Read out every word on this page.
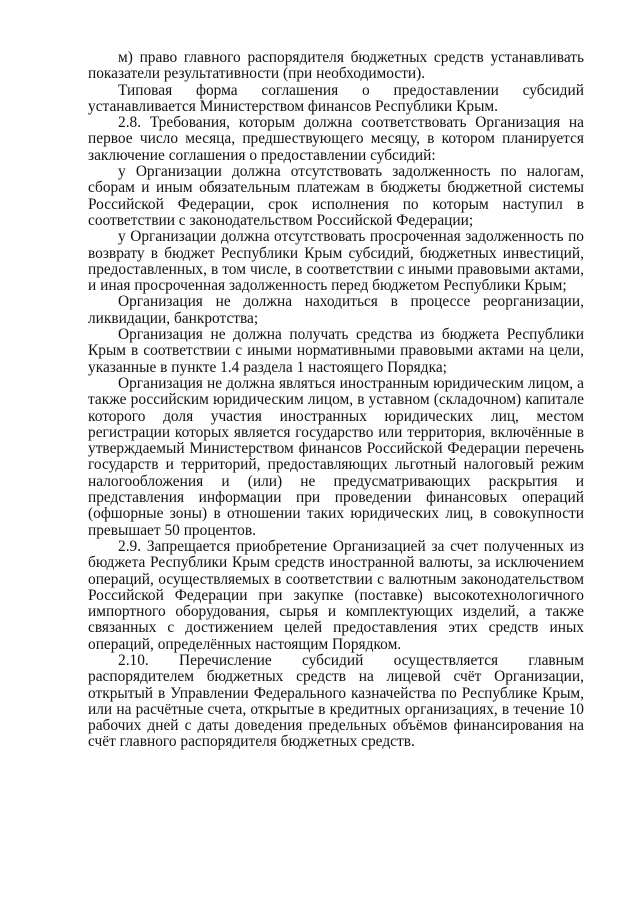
м) право главного распорядителя бюджетных средств устанавливать показатели результативности (при необходимости).

Типовая форма соглашения о предоставлении субсидий устанавливается Министерством финансов Республики Крым.

2.8. Требования, которым должна соответствовать Организация на первое число месяца, предшествующего месяцу, в котором планируется заключение соглашения о предоставлении субсидий:

у Организации должна отсутствовать задолженность по налогам, сборам и иным обязательным платежам в бюджеты бюджетной системы Российской Федерации, срок исполнения по которым наступил в соответствии с законодательством Российской Федерации;

у Организации должна отсутствовать просроченная задолженность по возврату в бюджет Республики Крым субсидий, бюджетных инвестиций, предоставленных, в том числе, в соответствии с иными правовыми актами, и иная просроченная задолженность перед бюджетом Республики Крым;

Организация не должна находиться в процессе реорганизации, ликвидации, банкротства;

Организация не должна получать средства из бюджета Республики Крым в соответствии с иными нормативными правовыми актами на цели, указанные в пункте 1.4 раздела 1 настоящего Порядка;

Организация не должна являться иностранным юридическим лицом, а также российским юридическим лицом, в уставном (складочном) капитале которого доля участия иностранных юридических лиц, местом регистрации которых является государство или территория, включённые в утверждаемый Министерством финансов Российской Федерации перечень государств и территорий, предоставляющих льготный налоговый режим налогообложения и (или) не предусматривающих раскрытия и представления информации при проведении финансовых операций (офшорные зоны) в отношении таких юридических лиц, в совокупности превышает 50 процентов.

2.9. Запрещается приобретение Организацией за счет полученных из бюджета Республики Крым средств иностранной валюты, за исключением операций, осуществляемых в соответствии с валютным законодательством Российской Федерации при закупке (поставке) высокотехнологичного импортного оборудования, сырья и комплектующих изделий, а также связанных с достижением целей предоставления этих средств иных операций, определённых настоящим Порядком.

2.10. Перечисление субсидий осуществляется главным распорядителем бюджетных средств на лицевой счёт Организации, открытый в Управлении Федерального казначейства по Республике Крым, или на расчётные счета, открытые в кредитных организациях, в течение 10 рабочих дней с даты доведения предельных объёмов финансирования на счёт главного распорядителя бюджетных средств.
